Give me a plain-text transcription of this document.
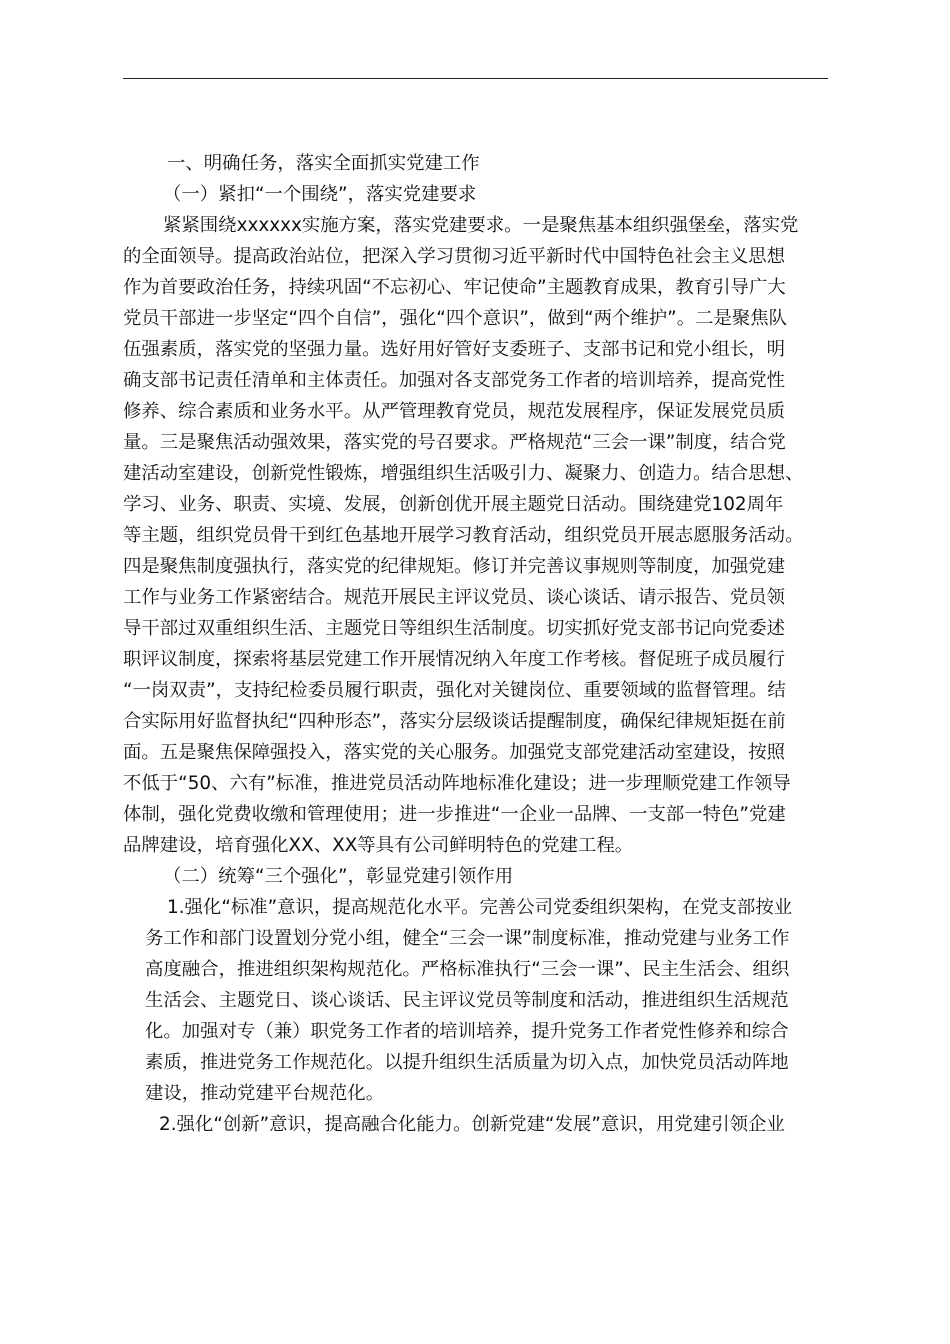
一、明确任务，落实全面抓实党建工作
（一）紧扣“一个围绕”，落实党建要求
紧紧围绕xxxxxx实施方案，落实党建要求。一是聚焦基本组织强堡垒，落实党
的全面领导。提高政治站位，把深入学习贯彻习近平新时代中国特色社会主义思想
作为首要政治任务，持续巩固“不忘初心、牢记使命”主题教育成果，教育引导广大
党员干部进一步坚定“四个自信”，强化“四个意识”，做到“两个维护”。二是聚焦队
伍强素质，落实党的坚强力量。选好用好管好支委班子、支部书记和党小组长，明
确支部书记责任清单和主体责任。加强对各支部党务工作者的培训培养，提高党性
修养、综合素质和业务水平。从严管理教育党员，规范发展程序，保证发展党员质
量。三是聚焦活动强效果，落实党的号召要求。严格规范“三会一课”制度，结合党
建活动室建设，创新党性锻炼，增强组织生活吸引力、凝聚力、创造力。结合思想、
学习、业务、职责、实境、发展，创新创优开展主题党日活动。围绕建党102周年
等主题，组织党员骨干到红色基地开展学习教育活动，组织党员开展志愿服务活动。
四是聚焦制度强执行，落实党的纪律规矩。修订并完善议事规则等制度，加强党建
工作与业务工作紧密结合。规范开展民主评议党员、谈心谈话、请示报告、党员领
导干部过双重组织生活、主题党日等组织生活制度。切实抓好党支部书记向党委述
职评议制度，探索将基层党建工作开展情况纳入年度工作考核。督促班子成员履行
“一岗双责”，支持纪检委员履行职责，强化对关键岗位、重要领域的监督管理。结
合实际用好监督执纪“四种形态”，落实分层级谈话提醒制度，确保纪律规矩挺在前
面。五是聚焦保障强投入，落实党的关心服务。加强党支部党建活动室建设，按照
不低于“50、六有”标准，推进党员活动阵地标准化建设；进一步理顺党建工作领导
体制，强化党费收缴和管理使用；进一步推进“一企业一品牌、一支部一特色”党建
品牌建设，培育强化XX、XX等具有公司鲜明特色的党建工程。
（二）统筹“三个强化”，彰显党建引领作用
1.强化“标准”意识，提高规范化水平。完善公司党委组织架构，在党支部按业
务工作和部门设置划分党小组，健全“三会一课”制度标准，推动党建与业务工作
高度融合，推进组织架构规范化。严格标准执行“三会一课”、民主生活会、组织
生活会、主题党日、谈心谈话、民主评议党员等制度和活动，推进组织生活规范
化。加强对专（兼）职党务工作者的培训培养，提升党务工作者党性修养和综合
素质，推进党务工作规范化。以提升组织生活质量为切入点，加快党员活动阵地
建设，推动党建平台规范化。
2.强化“创新”意识，提高融合化能力。创新党建“发展”意识，用党建引领企业
